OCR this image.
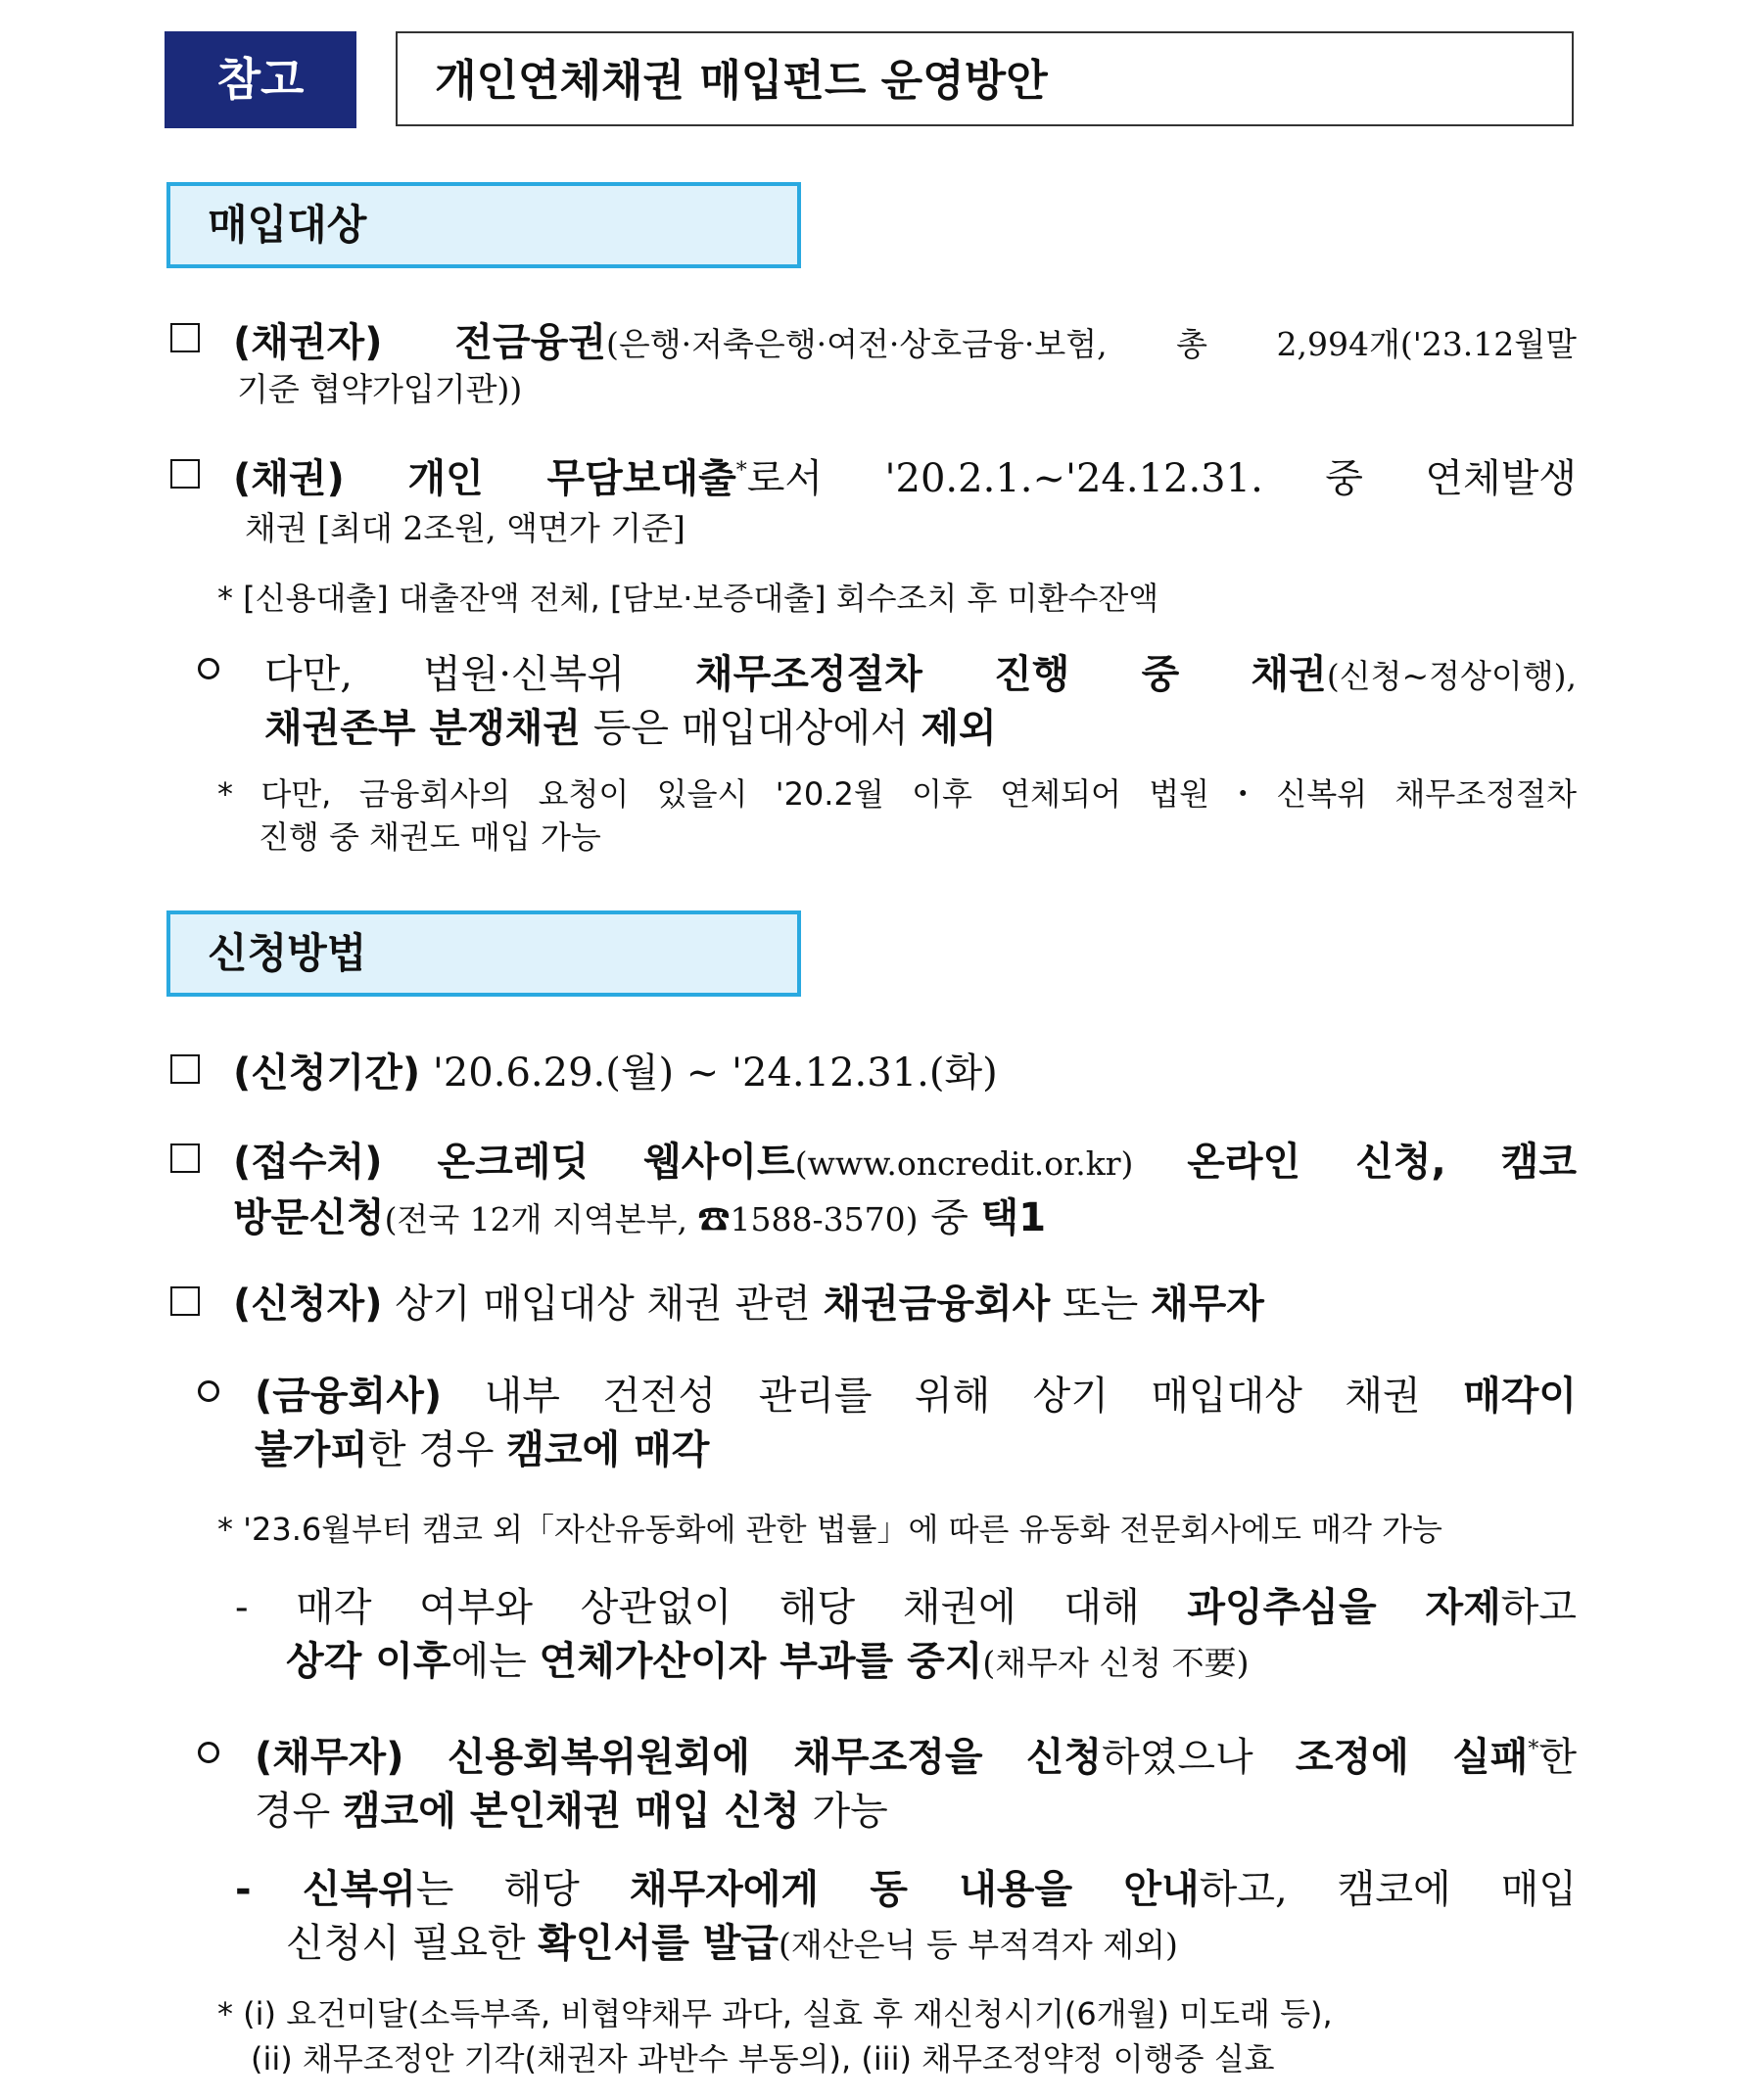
참고	개인연체채권 매입펀드 운영방안
매입대상
(채권자) 전금융권(은행·저축은행·여전·상호금융·보험, 총 2,994개('23.12월말
기준 협약가입기관))
(채권) 개인 무담보대출*로서 '20.2.1.~'24.12.31. 중 연체발생
채권 [최대 2조원, 액면가 기준]
* [신용대출] 대출잔액 전체, [담보·보증대출] 회수조치 후 미환수잔액
다만, 법원·신복위 채무조정절차 진행 중 채권(신청~정상이행),
채권존부 분쟁채권 등은 매입대상에서 제외
* 다만, 금융회사의 요청이 있을시 '20.2월 이후 연체되어 법원・신복위 채무조정절차
진행 중 채권도 매입 가능
신청방법
(신청기간) '20.6.29.(월) ~ '24.12.31.(화)
(접수처) 온크레딧 웹사이트(www.oncredit.or.kr) 온라인 신청, 캠코
방문신청(전국 12개 지역본부, ☎1588-3570) 중 택1
(신청자) 상기 매입대상 채권 관련 채권금융회사 또는 채무자
(금융회사) 내부 건전성 관리를 위해 상기 매입대상 채권 매각이
불가피한 경우 캠코에 매각
* '23.6월부터 캠코 외「자산유동화에 관한 법률」에 따른 유동화 전문회사에도 매각 가능
- 매각 여부와 상관없이 해당 채권에 대해 과잉추심을 자제하고
상각 이후에는 연체가산이자 부과를 중지(채무자 신청 不要)
(채무자) 신용회복위원회에 채무조정을 신청하였으나 조정에 실패*한
경우 캠코에 본인채권 매입 신청 가능
- 신복위는 해당 채무자에게 동 내용을 안내하고, 캠코에 매입
신청시 필요한 확인서를 발급(재산은닉 등 부적격자 제외)
* (i) 요건미달(소득부족, 비협약채무 과다, 실효 후 재신청시기(6개월) 미도래 등),
(ii) 채무조정안 기각(채권자 과반수 부동의), (iii) 채무조정약정 이행중 실효
